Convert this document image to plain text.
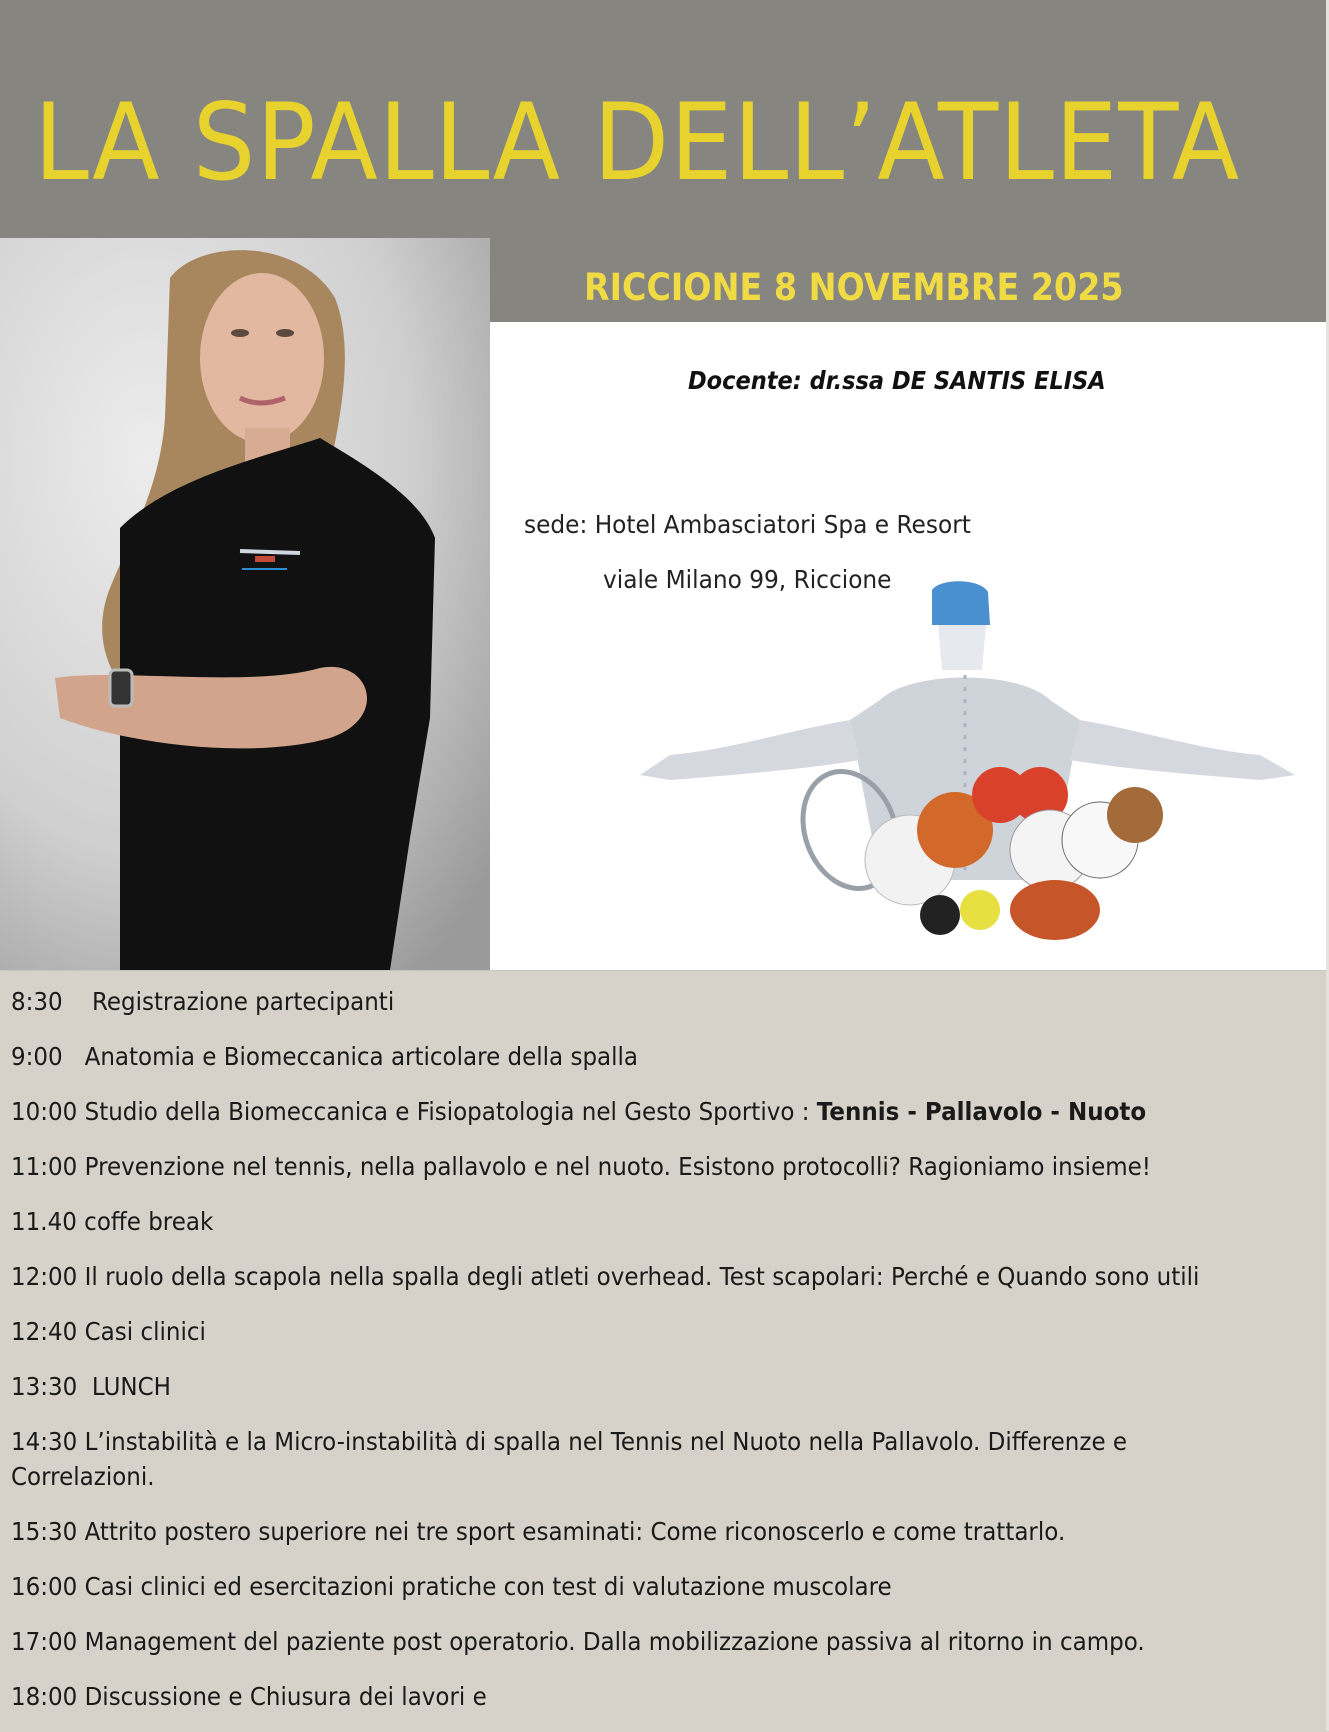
LA SPALLA DELL’ATLETA
RICCIONE 8 NOVEMBRE 2025
Docente: dr.ssa DE SANTIS ELISA
sede: Hotel Ambasciatori Spa e Resort
viale Milano 99, Riccione
8:30 Registrazione partecipanti
9:00 Anatomia e Biomeccanica articolare della spalla
10:00 Studio della Biomeccanica e Fisiopatologia nel Gesto Sportivo : Tennis - Pallavolo - Nuoto
11:00 Prevenzione nel tennis, nella pallavolo e nel nuoto. Esistono protocolli? Ragioniamo insieme!
11.40 coffe break
12:00 Il ruolo della scapola nella spalla degli atleti overhead. Test scapolari: Perché e Quando sono utili
12:40 Casi clinici
13:30 LUNCH
14:30 L’instabilità e la Micro-instabilità di spalla nel Tennis nel Nuoto nella Pallavolo. Differenze e Correlazioni.
15:30 Attrito postero superiore nei tre sport esaminati: Come riconoscerlo e come trattarlo.
16:00 Casi clinici ed esercitazioni pratiche con test di valutazione muscolare
17:00 Management del paziente post operatorio. Dalla mobilizzazione passiva al ritorno in campo.
18:00 Discussione e Chiusura dei lavori e
